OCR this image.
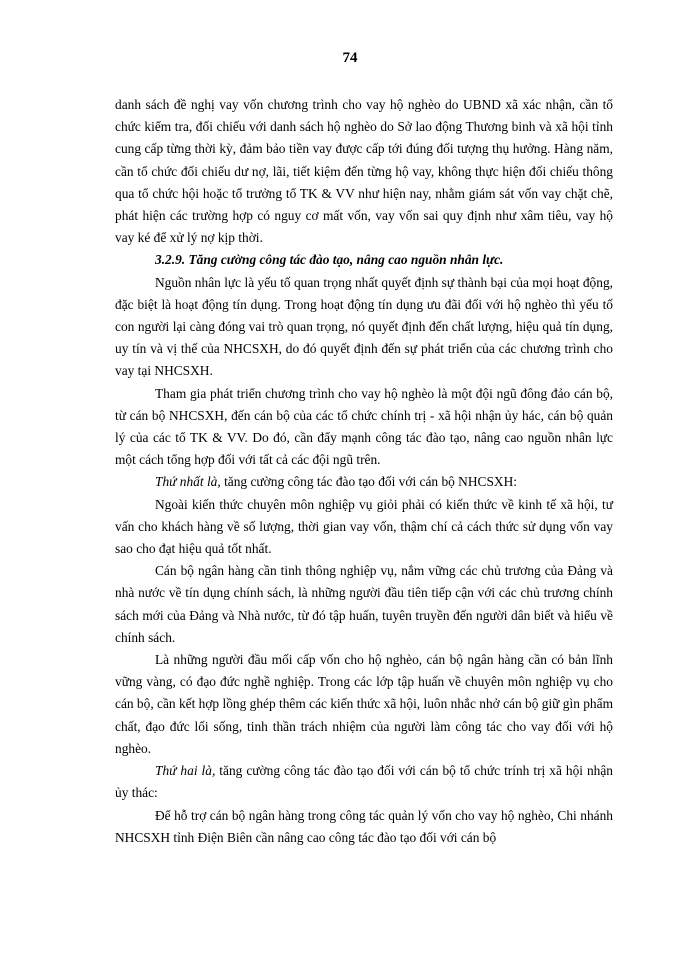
74

danh sách đề nghị vay vốn chương trình cho vay hộ nghèo do UBND xã xác nhận, cần tổ chức kiểm tra, đối chiếu với danh sách hộ nghèo do Sở lao động Thương binh và xã hội tỉnh cung cấp từng thời kỳ, đảm bảo tiền vay được cấp tới đúng đối tượng thụ hưởng. Hàng năm, cần tổ chức đối chiếu dư nợ, lãi, tiết kiệm đến từng hộ vay, không thực hiện đối chiếu thông qua tổ chức hội hoặc tổ trưởng tổ TK & VV như hiện nay, nhằm giám sát vốn vay chặt chẽ, phát hiện các trường hợp có nguy cơ mất vốn, vay vốn sai quy định như xâm tiêu, vay hộ vay ké để xử lý nợ kịp thời.

3.2.9. Tăng cường công tác đào tạo, nâng cao nguồn nhân lực.

Nguồn nhân lực là yếu tố quan trọng nhất quyết định sự thành bại của mọi hoạt động, đặc biệt là hoạt động tín dụng. Trong hoạt động tín dụng ưu đãi đối với hộ nghèo thì yếu tố con người lại càng đóng vai trò quan trọng, nó quyết định đến chất lượng, hiệu quả tín dụng, uy tín và vị thế của NHCSXH, do đó quyết định đến sự phát triển của các chương trình cho vay tại NHCSXH.

Tham gia phát triển chương trình cho vay hộ nghèo là một đội ngũ đông đảo cán bộ, từ cán bộ NHCSXH, đến cán bộ của các tổ chức chính trị - xã hội nhận ủy hác, cán bộ quản lý của các tổ TK & VV. Do đó, cần đẩy mạnh công tác đào tạo, nâng cao nguồn nhân lực một cách tổng hợp đối với tất cả các đội ngũ trên.

Thứ nhất là, tăng cường công tác đào tạo đối với cán bộ NHCSXH:

Ngoài kiến thức chuyên môn nghiệp vụ giỏi phải có kiến thức về kinh tế xã hội, tư vấn cho khách hàng về số lượng, thời gian vay vốn, thậm chí cả cách thức sử dụng vốn vay sao cho đạt hiệu quả tốt nhất.

Cán bộ ngân hàng cần tinh thông nghiệp vụ, nắm vững các chủ trương của Đảng và nhà nước về tín dụng chính sách, là những người đầu tiên tiếp cận với các chủ trương chính sách mới của Đảng và Nhà nước, từ đó tập huấn, tuyên truyền đến người dân biết và hiểu về chính sách.

Là những người đầu mối cấp vốn cho hộ nghèo, cán bộ ngân hàng cần có bản lĩnh vững vàng, có đạo đức nghề nghiệp. Trong các lớp tập huấn về chuyên môn nghiệp vụ cho cán bộ, cần kết hợp lồng ghép thêm các kiến thức xã hội, luôn nhắc nhở cán bộ giữ gìn phẩm chất, đạo đức lối sống, tinh thần trách nhiệm của người làm công tác cho vay đối với hộ nghèo.

Thứ hai là, tăng cường công tác đào tạo đối với cán bộ tổ chức trính trị xã hội nhận ủy thác:

Để hỗ trợ cán bộ ngân hàng trong công tác quản lý vốn cho vay hộ nghèo, Chi nhánh NHCSXH tỉnh Điện Biên cần nâng cao công tác đào tạo đối với cán bộ
